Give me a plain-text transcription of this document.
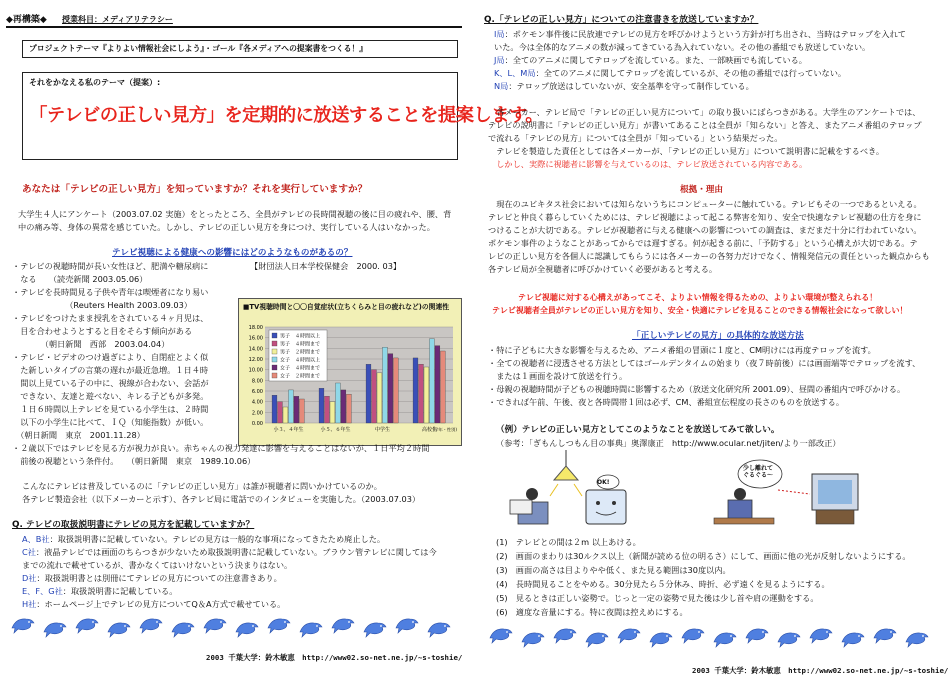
◆再構築◆ 授業科目：メディアリテラシー
プロジェクトテーマ『よりよい情報社会にしよう』・ゴール『各メディアへの提案書をつくる！』
それをかなえる私のテーマ（提案）:
「テレビの正しい見方」を定期的に放送することを提案します。
あなたは「テレビの正しい見方」を知っていますか？それを実行していますか？
大学生４人にアンケート（2003.07.02 実施）をとったところ、全員がテレビの長時間視聴の後に目の疲れや、腰、背
中の痛み等、身体の異常を感じていた。しかし、テレビの正しい見方を身につけ、実行している人はいなかった。
テレビ視聴による健康への影響にはどのようなものがあるの？
・テレビの視聴時間が長い女性ほど、肥満や糖尿病に
　なる　　（読売新聞 2003.05.06）
・テレビを長時間見る子供や青年は喫煙者になり易い
　　　　　　　（Reuters Health 2003.09.03）
・テレビをつけたまま授乳をされている４ヶ月児は、
　目を合わせようとすると目をそらす傾向がある
　　　　（朝日新聞　西部　2003.04.04）
・テレビ・ビデオのつけ過ぎにより、自閉症とよく似
　た新しいタイプの言葉の遅れが最近急増。１日４時
　間以上見ている子の中に、視線が合わない、会話が
　できない、友達と遊べない、キレる子どもが多発。
　１日６時間以上テレビを見ている小学生は、２時間
　以下の小学生に比べて、ＩＱ（知能指数）が低い。
　（朝日新聞　東京　2001.11.28）
【財団法人日本学校保健会　2000. 03】
■TV視聴時間と〇〇自覚症状(立ちくらみと目の疲れなど)の関連性
0.00
2.00
4.00
6.00
8.00
10.00
12.00
14.00
16.00
18.00
小３、４年生	小５、６年生	中学生	高校生
(学年・性別)
男子　４時間以上
男子　４時間まで
男子　２時間まで
女子　４時間以上
女子　４時間まで
女子　２時間まで
・２歳以下ではテレビを見る方が視力が良い。赤ちゃんの視力発達に影響を与えることはないが、１日平均２時間
　前後の視聴という条件付。　　（朝日新聞　東京　1989.10.06）
こんなにテレビは普及しているのに「テレビの正しい見方」は誰が視聴者に問いかけているのか。
各テレビ製造会社（以下メーカーと示す）、各テレビ局に電話でのインタビューを実施した。（2003.07.03）
Q. テレビの取扱説明書にテレビの見方を記載していますか？
A、B社：取扱説明書に記載していない。テレビの見方は一般的な事項になってきたため廃止した。
C社：液晶テレビでは画面のちらつきが少ないため取扱説明書に記載していない。ブラウン管テレビに関しては今
までの流れで載せているが、書かなくてはいけないという決まりはない。
D社：取扱説明書とは別冊にてテレビの見方についての注意書きあり。
E、F、G社：取扱説明書に記載している。
H社：ホームページ上でテレビの見方についてQ＆A方式で載せている。
2003 千葉大学：鈴木敏恵　http://www02.so-net.ne.jp/~s-toshie/
Q.「テレビの正しい見方」についての注意書きを放送していますか？
I局：ポケモン事件後に民放連でテレビの見方を呼びかけようという方針が打ち出され、当時はテロップを入れて
いた。今は全体的なアニメの数が減ってきている為入れていない。その他の番組でも放送していない。
J局：全てのアニメに関してテロップを流している。また、一部映画でも流している。
K、L、M局：全てのアニメに関してテロップを流しているが、その他の番組では行っていない。
N局：テロップ放送はしていないが、安全基準を守って制作している。
　各メーカー、テレビ局で「テレビの正しい見方について」の取り扱いにばらつきがある。大学生のアンケートでは、
テレビの説明書に「テレビの正しい見方」が書いてあることは全員が「知らない」と答え、またアニメ番組のテロップ
で流れる「テレビの見方」については全員が「知っている」という結果だった。
　テレビを製造した責任としては各メーカーが、「テレビの正しい見方」について説明書に記載をするべき。
　しかし、実際に視聴者に影響を与えているのは、テレビ放送されている内容である。
根拠・理由
　現在のユビキタス社会においては知らないうちにコンピューターに触れている。テレビもその一つであるといえる。
テレビと仲良く暮らしていくためには、テレビ視聴によって起こる弊害を知り、安全で快適なテレビ視聴の仕方を身に
つけることが大切である。テレビが視聴者に与える健康への影響についての調査は、まだまだ十分に行われていない。
ポケモン事件のようなことがあってからでは遅すぎる。何が起きる前に、「予防する」という心構えが大切である。テ
レビの正しい見方を各個人に認識してもらうには各メーカーの各努力だけでなく、情報発信元の責任といった観点からも
各テレビ局が全視聴者に呼びかけていく必要があると考える。
テレビ視聴に対する心構えがあってこそ、よりよい情報を得るための、よりよい環境が整えられる！
テレビ視聴者全員がテレビの正しい見方を知り、安全・快適にテレビを見ることのできる情報社会になって欲しい！
「正しいテレビの見方」の具体的な放送方法
・特に子どもに大きな影響を与えるため、アニメ番組の冒頭に１度と、CM明けには再度テロップを流す。
・全ての視聴者に浸透させる方法としてはゴールデンタイムの始まり（夜７時前後）には画面端等でテロップを流す、
　または１画面を設けて放送を行う。
・母親の視聴時間が子どもの視聴時間に影響するため（放送文化研究所 2001.09）、昼間の番組内で呼びかける。
・できれば午前、午後、夜と各時間帯１回は必ず、CM、番組宣伝程度の長さのものを放送する。
（例）テレビの正しい見方としてこのようなことを放送してみて欲しい。
（参考：「ぎもんしつもん目の事典」奥澤康正　http://www.ocular.net/jiten/より一部改正）
OK!
少し離れて
ぐるぐる〜
(1)　テレビとの間は２m 以上あける。
(2)　画面のまわりは30ルクス以上（新聞が読める位の明るさ）にして、画面に他の光が反射しないようにする。
(3)　画面の高さは目よりやや低く、また見る範囲は30度以内。
(4)　長時間見ることをやめる。30分見たら５分休み、時折、必ず遠くを見るようにする。
(5)　見るときは正しい姿勢で。じっと一定の姿勢で見た後は少し首や肩の運動をする。
(6)　適度な音量にする。特に夜間は控えめにする。
2003 千葉大学：鈴木敏恵　http://www02.so-net.ne.jp/~s-toshie/
